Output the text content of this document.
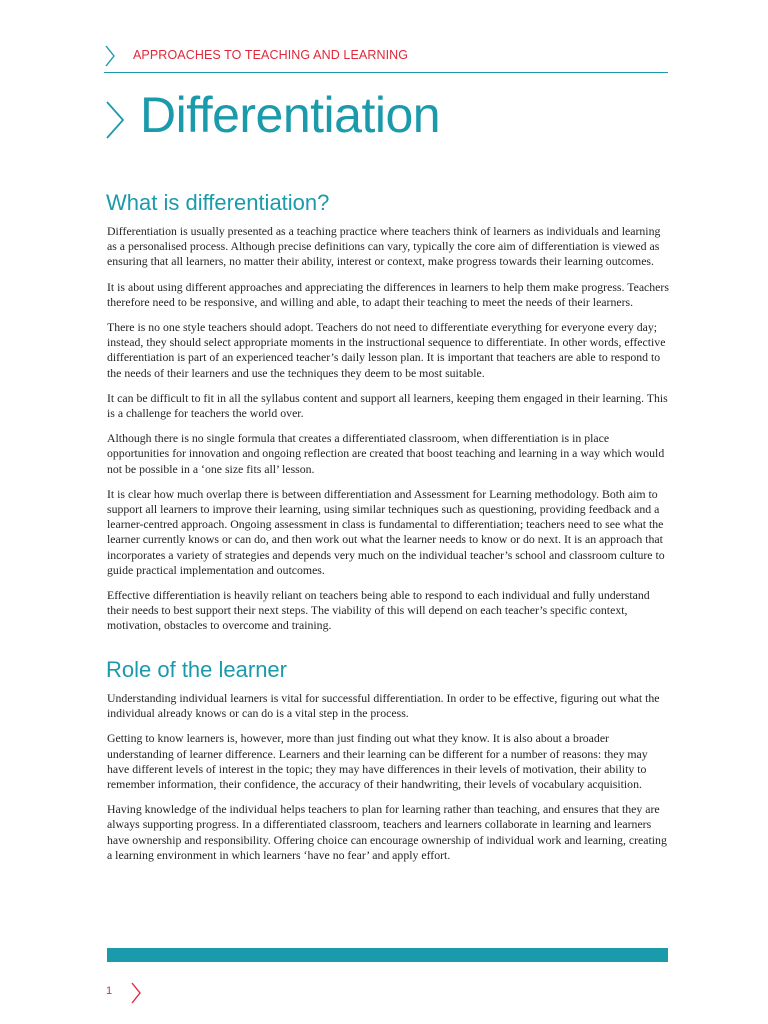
APPROACHES TO TEACHING AND LEARNING
Differentiation
What is differentiation?

Differentiation is usually presented as a teaching practice where teachers think of learners as individuals and learning as a personalised process. Although precise definitions can vary, typically the core aim of differentiation is viewed as ensuring that all learners, no matter their ability, interest or context, make progress towards their learning outcomes.

It is about using different approaches and appreciating the differences in learners to help them make progress. Teachers therefore need to be responsive, and willing and able, to adapt their teaching to meet the needs of their learners.

There is no one style teachers should adopt. Teachers do not need to differentiate everything for everyone every day; instead, they should select appropriate moments in the instructional sequence to differentiate. In other words, effective differentiation is part of an experienced teacher’s daily lesson plan. It is important that teachers are able to respond to the needs of their learners and use the techniques they deem to be most suitable.

It can be difficult to fit in all the syllabus content and support all learners, keeping them engaged in their learning. This is a challenge for teachers the world over.

Although there is no single formula that creates a differentiated classroom, when differentiation is in place opportunities for innovation and ongoing reflection are created that boost teaching and learning in a way which would not be possible in a ‘one size fits all’ lesson.

It is clear how much overlap there is between differentiation and Assessment for Learning methodology. Both aim to support all learners to improve their learning, using similar techniques such as questioning, providing feedback and a learner-centred approach. Ongoing assessment in class is fundamental to differentiation; teachers need to see what the learner currently knows or can do, and then work out what the learner needs to know or do next. It is an approach that incorporates a variety of strategies and depends very much on the individual teacher’s school and classroom culture to guide practical implementation and outcomes.

Effective differentiation is heavily reliant on teachers being able to respond to each individual and fully understand their needs to best support their next steps. The viability of this will depend on each teacher’s specific context, motivation, obstacles to overcome and training.

Role of the learner

Understanding individual learners is vital for successful differentiation. In order to be effective, figuring out what the individual already knows or can do is a vital step in the process.

Getting to know learners is, however, more than just finding out what they know. It is also about a broader understanding of learner difference. Learners and their learning can be different for a number of reasons: they may have different levels of interest in the topic; they may have differences in their levels of motivation, their ability to remember information, their confidence, the accuracy of their handwriting, their levels of vocabulary acquisition.

Having knowledge of the individual helps teachers to plan for learning rather than teaching, and ensures that they are always supporting progress. In a differentiated classroom, teachers and learners collaborate in learning and learners have ownership and responsibility. Offering choice can encourage ownership of individual work and learning, creating a learning environment in which learners ‘have no fear’ and apply effort.

1
